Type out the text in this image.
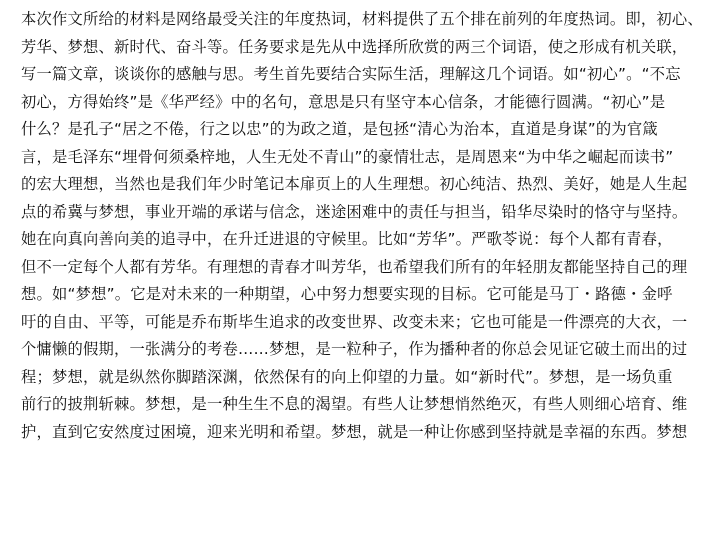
本次作文所给的材料是网络最受关注的年度热词，材料提供了五个排在前列的年度热词。即，初心、

芳华、梦想、新时代、奋斗等。任务要求是先从中选择所欣赏的两三个词语，使之形成有机关联，

写一篇文章，谈谈你的感触与思。考生首先要结合实际生活，理解这几个词语。如“初心”。“不忘

初心，方得始终”是《华严经》中的名句，意思是只有坚守本心信条，才能德行圆满。“初心”是

什么？是孔子“居之不倦，行之以忠”的为政之道，是包拯“清心为治本，直道是身谋”的为官箴

言，是毛泽东“埋骨何须桑梓地，人生无处不青山”的豪情壮志，是周恩来“为中华之崛起而读书”

的宏大理想，当然也是我们年少时笔记本扉页上的人生理想。初心纯洁、热烈、美好，她是人生起

点的希冀与梦想，事业开端的承诺与信念，迷途困难中的责任与担当，铅华尽染时的恪守与坚持。

她在向真向善向美的追寻中，在升迁进退的守候里。比如“芳华”。严歌苓说：每个人都有青春，

但不一定每个人都有芳华。有理想的青春才叫芳华，也希望我们所有的年轻朋友都能坚持自己的理

想。如“梦想”。它是对未来的一种期望，心中努力想要实现的目标。它可能是马丁・路德・金呼

吁的自由、平等，可能是乔布斯毕生追求的改变世界、改变未来；它也可能是一件漂亮的大衣，一

个慵懒的假期，一张满分的考卷……梦想，是一粒种子，作为播种者的你总会见证它破土而出的过

程；梦想，就是纵然你脚踏深渊，依然保有的向上仰望的力量。如“新时代”。梦想，是一场负重

前行的披荆斩棘。梦想，是一种生生不息的渴望。有些人让梦想悄然绝灭，有些人则细心培育、维

护，直到它安然度过困境，迎来光明和希望。梦想，就是一种让你感到坚持就是幸福的东西。梦想
